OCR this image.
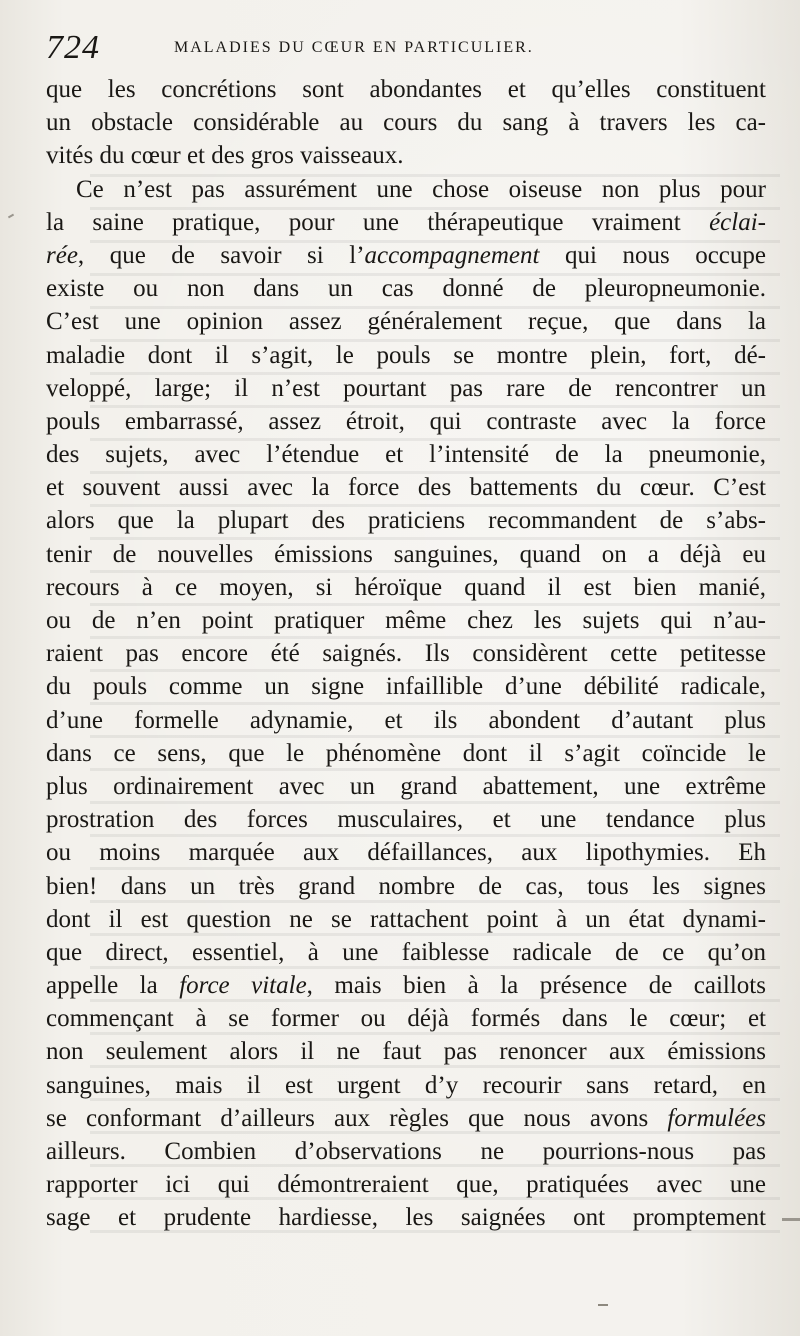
724	MALADIES DU CŒUR EN PARTICULIER.
que les concrétions sont abondantes et qu’elles constituent
un obstacle considérable au cours du sang à travers les ca-
vités du cœur et des gros vaisseaux.
Ce n’est pas assurément une chose oiseuse non plus pour
la saine pratique, pour une thérapeutique vraiment éclai-
rée, que de savoir si l’accompagnement qui nous occupe
existe ou non dans un cas donné de pleuropneumonie.
C’est une opinion assez généralement reçue, que dans la
maladie dont il s’agit, le pouls se montre plein, fort, dé-
veloppé, large; il n’est pourtant pas rare de rencontrer un
pouls embarrassé, assez étroit, qui contraste avec la force
des sujets, avec l’étendue et l’intensité de la pneumonie,
et souvent aussi avec la force des battements du cœur. C’est
alors que la plupart des praticiens recommandent de s’abs-
tenir de nouvelles émissions sanguines, quand on a déjà eu
recours à ce moyen, si héroïque quand il est bien manié,
ou de n’en point pratiquer même chez les sujets qui n’au-
raient pas encore été saignés. Ils considèrent cette petitesse
du pouls comme un signe infaillible d’une débilité radicale,
d’une formelle adynamie, et ils abondent d’autant plus
dans ce sens, que le phénomène dont il s’agit coïncide le
plus ordinairement avec un grand abattement, une extrême
prostration des forces musculaires, et une tendance plus
ou moins marquée aux défaillances, aux lipothymies. Eh
bien! dans un très grand nombre de cas, tous les signes
dont il est question ne se rattachent point à un état dynami-
que direct, essentiel, à une faiblesse radicale de ce qu’on
appelle la force vitale, mais bien à la présence de caillots
commençant à se former ou déjà formés dans le cœur; et
non seulement alors il ne faut pas renoncer aux émissions
sanguines, mais il est urgent d’y recourir sans retard, en
se conformant d’ailleurs aux règles que nous avons formulées
ailleurs. Combien d’observations ne pourrions-nous pas
rapporter ici qui démontreraient que, pratiquées avec une
sage et prudente hardiesse, les saignées ont promptement
